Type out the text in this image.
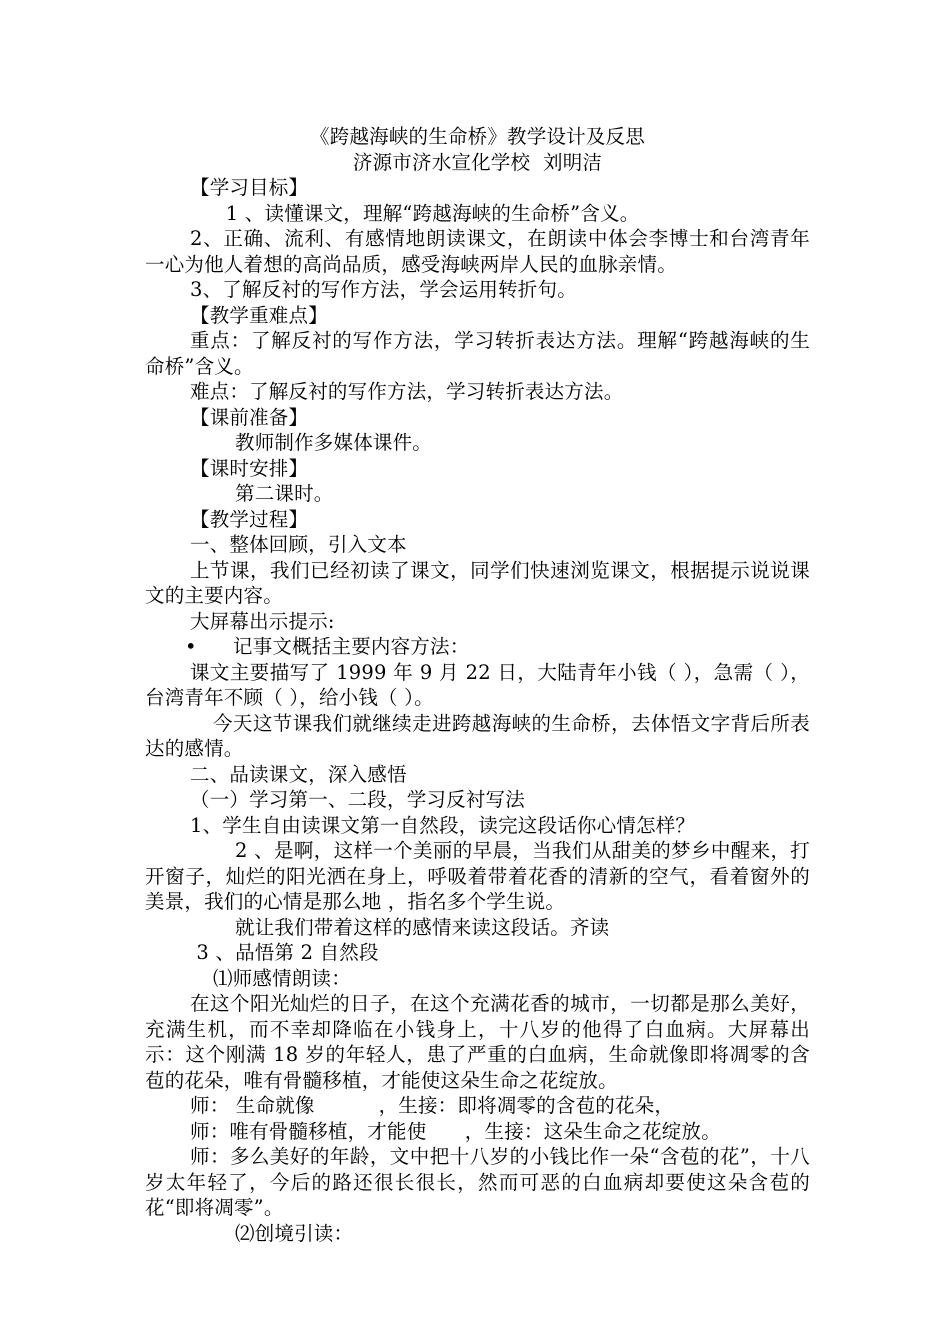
《跨越海峡的生命桥》教学设计及反思
济源市济水宣化学校  刘明洁
【学习目标】
1 、读懂课文，理解“跨越海峡的生命桥”含义。
2、正确、流利、有感情地朗读课文，在朗读中体会李博士和台湾青年一心为他人着想的高尚品质，感受海峡两岸人民的血脉亲情。
3、了解反衬的写作方法，学会运用转折句。
【教学重难点】
重点：了解反衬的写作方法，学习转折表达方法。理解“跨越海峡的生命桥”含义。
难点：了解反衬的写作方法，学习转折表达方法。
【课前准备】
教师制作多媒体课件。
【课时安排】
第二课时。
【教学过程】
一、整体回顾，引入文本
上节课，我们已经初读了课文，同学们快速浏览课文，根据提示说说课文的主要内容。
大屏幕出示提示:
• 记事文概括主要内容方法：
课文主要描写了 1999 年 9 月 22 日，大陆青年小钱（ ），急需（ ），台湾青年不顾（ ），给小钱（ ）。
今天这节课我们就继续走进跨越海峡的生命桥，去体悟文字背后所表达的感情。
二、品读课文，深入感悟
（一）学习第一、二段，学习反衬写法
1、学生自由读课文第一自然段，读完这段话你心情怎样？
2 、是啊，这样一个美丽的早晨，当我们从甜美的梦乡中醒来，打开窗子，灿烂的阳光洒在身上，呼吸着带着花香的清新的空气，看着窗外的美景，我们的心情是那么地 ，指名多个学生说。
就让我们带着这样的感情来读这段话。齐读
3 、品悟第 2 自然段
⑴师感情朗读：
在这个阳光灿烂的日子，在这个充满花香的城市，一切都是那么美好，充满生机，而不幸却降临在小钱身上，十八岁的他得了白血病。大屏幕出示：这个刚满 18 岁的年轻人，患了严重的白血病，生命就像即将凋零的含苞的花朵，唯有骨髓移植，才能使这朵生命之花绽放。
师： 生命就像          ，生接：即将凋零的含苞的花朵，
师：唯有骨髓移植，才能使      ，生接：这朵生命之花绽放。
师：多么美好的年龄，文中把十八岁的小钱比作一朵“含苞的花”，十八岁太年轻了，今后的路还很长很长，然而可恶的白血病却要使这朵含苞的花“即将凋零”。
⑵创境引读：
